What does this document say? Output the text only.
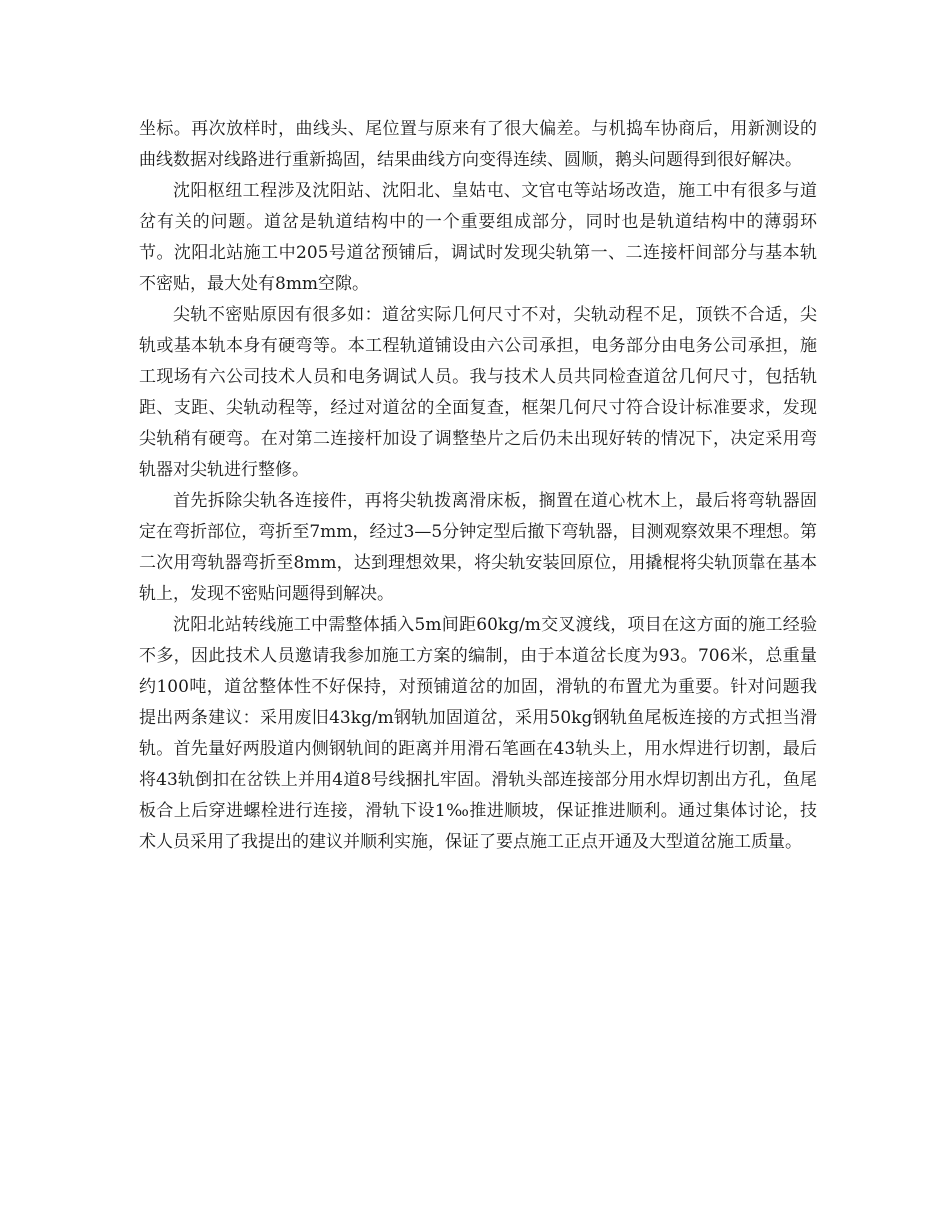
坐标。再次放样时，曲线头、尾位置与原来有了很大偏差。与机捣车协商后，用新测设的曲线数据对线路进行重新捣固，结果曲线方向变得连续、圆顺，鹅头问题得到很好解决。

沈阳枢纽工程涉及沈阳站、沈阳北、皇姑屯、文官屯等站场改造，施工中有很多与道岔有关的问题。道岔是轨道结构中的一个重要组成部分，同时也是轨道结构中的薄弱环节。沈阳北站施工中205号道岔预铺后，调试时发现尖轨第一、二连接杆间部分与基本轨不密贴，最大处有8mm空隙。

尖轨不密贴原因有很多如：道岔实际几何尺寸不对，尖轨动程不足，顶铁不合适，尖轨或基本轨本身有硬弯等。本工程轨道铺设由六公司承担，电务部分由电务公司承担，施工现场有六公司技术人员和电务调试人员。我与技术人员共同检查道岔几何尺寸，包括轨距、支距、尖轨动程等，经过对道岔的全面复查，框架几何尺寸符合设计标准要求，发现尖轨稍有硬弯。在对第二连接杆加设了调整垫片之后仍未出现好转的情况下，决定采用弯轨器对尖轨进行整修。

首先拆除尖轨各连接件，再将尖轨拨离滑床板，搁置在道心枕木上，最后将弯轨器固定在弯折部位，弯折至7mm，经过3—5分钟定型后撤下弯轨器，目测观察效果不理想。第二次用弯轨器弯折至8mm，达到理想效果，将尖轨安装回原位，用撬棍将尖轨顶靠在基本轨上，发现不密贴问题得到解决。

沈阳北站转线施工中需整体插入5m间距60kg/m交叉渡线，项目在这方面的施工经验不多，因此技术人员邀请我参加施工方案的编制，由于本道岔长度为93。706米，总重量约100吨，道岔整体性不好保持，对预铺道岔的加固，滑轨的布置尤为重要。针对问题我提出两条建议：采用废旧43kg/m钢轨加固道岔，采用50kg钢轨鱼尾板连接的方式担当滑轨。首先量好两股道内侧钢轨间的距离并用滑石笔画在43轨头上，用水焊进行切割，最后将43轨倒扣在岔铁上并用4道8号线捆扎牢固。滑轨头部连接部分用水焊切割出方孔，鱼尾板合上后穿进螺栓进行连接，滑轨下设1‰推进顺坡，保证推进顺利。通过集体讨论，技术人员采用了我提出的建议并顺利实施，保证了要点施工正点开通及大型道岔施工质量。
